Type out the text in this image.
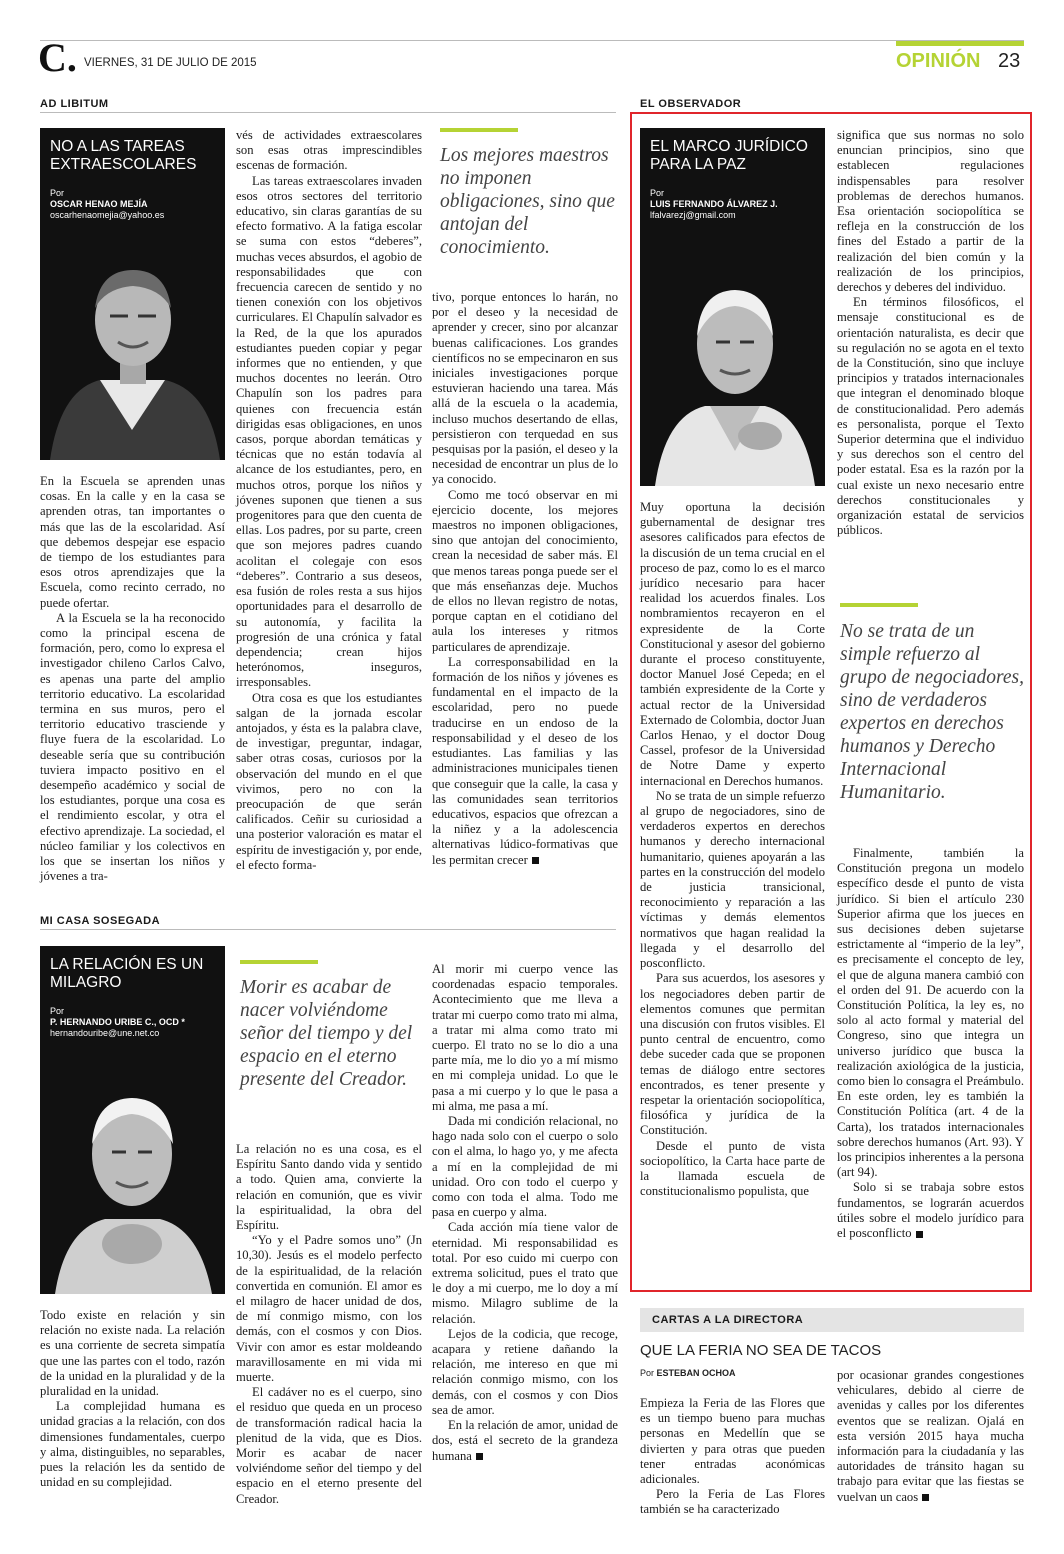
C. VIERNES, 31 DE JULIO DE 2015	OPINIÓN 23
AD LIBITUM
NO A LAS TAREAS EXTRAESCOLARES
Por
OSCAR HENAO MEJÍA
oscarhenaomejia@yahoo.es

En la Escuela se aprenden unas cosas. En la calle y en la casa se aprenden otras, tan importantes o más que las de la escolaridad. Así que debemos despejar ese espacio de tiempo de los estudiantes para esos otros aprendizajes que la Escuela, como recinto cerrado, no puede ofertar.

A la Escuela se la ha reconocido como la principal escena de formación, pero, como lo expresa el investigador chileno Carlos Calvo, es apenas una parte del amplio territorio educativo. La escolaridad termina en sus muros, pero el territorio educativo trasciende y fluye fuera de la escolaridad. Lo deseable sería que su contribución tuviera impacto positivo en el desempeño académico y social de los estudiantes, porque una cosa es el rendimiento escolar, y otra el efectivo aprendizaje. La sociedad, el núcleo familiar y los colectivos en los que se insertan los niños y jóvenes a tra-

vés de actividades extraescolares son esas otras imprescindibles escenas de formación.

Las tareas extraescolares invaden esos otros sectores del territorio educativo, sin claras garantías de su efecto formativo. A la fatiga escolar se suma con estos “deberes”, muchas veces absurdos, el agobio de responsabilidades que con frecuencia carecen de sentido y no tienen conexión con los objetivos curriculares. El Chapulín salvador es la Red, de la que los apurados estudiantes pueden copiar y pegar informes que no entienden, y que muchos docentes no leerán. Otro Chapulín son los padres para quienes con frecuencia están dirigidas esas obligaciones, en unos casos, porque abordan temáticas y técnicas que no están todavía al alcance de los estudiantes, pero, en muchos otros, porque los niños y jóvenes suponen que tienen a sus progenitores para que den cuenta de ellas. Los padres, por su parte, creen que son mejores padres cuando acolitan el colegaje con esos “deberes”. Contrario a sus deseos, esa fusión de roles resta a sus hijos oportunidades para el desarrollo de su autonomía, y facilita la progresión de una crónica y fatal dependencia; crean hijos heterónomos, inseguros, irresponsables.

Otra cosa es que los estudiantes salgan de la jornada escolar antojados, y ésta es la palabra clave, de investigar, preguntar, indagar, saber otras cosas, curiosos por la observación del mundo en el que vivimos, pero no con la preocupación de que serán calificados. Ceñir su curiosidad a una posterior valoración es matar el espíritu de investigación y, por ende, el efecto forma-

Los mejores maestros no imponen obligaciones, sino que antojan del conocimiento.

tivo, porque entonces lo harán, no por el deseo y la necesidad de aprender y crecer, sino por alcanzar buenas calificaciones. Los grandes científicos no se empecinaron en sus iniciales investigaciones porque estuvieran haciendo una tarea. Más allá de la escuela o la academia, incluso muchos desertando de ellas, persistieron con terquedad en sus pesquisas por la pasión, el deseo y la necesidad de encontrar un plus de lo ya conocido.

Como me tocó observar en mi ejercicio docente, los mejores maestros no imponen obligaciones, sino que antojan del conocimiento, crean la necesidad de saber más. El que menos tareas ponga puede ser el que más enseñanzas deje. Muchos de ellos no llevan registro de notas, porque captan en el cotidiano del aula los intereses y ritmos particulares de aprendizaje.

La corresponsabilidad en la formación de los niños y jóvenes es fundamental en el impacto de la escolaridad, pero no puede traducirse en un endoso de la responsabilidad y el deseo de los estudiantes. Las familias y las administraciones municipales tienen que conseguir que la calle, la casa y las comunidades sean territorios educativos, espacios que ofrezcan a la niñez y a la adolescencia alternativas lúdico-formativas que les permitan crecer

MI CASA SOSEGADA
LA RELACIÓN ES UN MILAGRO
Por
P. HERNANDO URIBE C., OCD *
hernandouribe@une.net.co

Todo existe en relación y sin relación no existe nada. La relación es una corriente de secreta simpatía que une las partes con el todo, razón de la unidad en la pluralidad y de la pluralidad en la unidad.

La complejidad humana es unidad gracias a la relación, con dos dimensiones fundamentales, cuerpo y alma, distinguibles, no separables, pues la relación les da sentido de unidad en su complejidad.

Morir es acabar de nacer volviéndome señor del tiempo y del espacio en el eterno presente del Creador.

La relación no es una cosa, es el Espíritu Santo dando vida y sentido a todo. Quien ama, convierte la relación en comunión, que es vivir la espiritualidad, la obra del Espíritu.

“Yo y el Padre somos uno” (Jn 10,30). Jesús es el modelo perfecto de la espiritualidad, de la relación convertida en comunión. El amor es el milagro de hacer unidad de dos, de mí conmigo mismo, con los demás, con el cosmos y con Dios. Vivir con amor es estar moldeando maravillosamente en mi vida mi muerte.

El cadáver no es el cuerpo, sino el residuo que queda en un proceso de transformación radical hacia la plenitud de la vida, que es Dios. Morir es acabar de nacer volviéndome señor del tiempo y del espacio en el eterno presente del Creador.

Al morir mi cuerpo vence las coordenadas espacio temporales. Acontecimiento que me lleva a tratar mi cuerpo como trato mi alma, a tratar mi alma como trato mi cuerpo. El trato no se lo dio a una parte mía, me lo dio yo a mí mismo en mi compleja unidad. Lo que le pasa a mi cuerpo y lo que le pasa a mi alma, me pasa a mí.

Dada mi condición relacional, no hago nada solo con el cuerpo o solo con el alma, lo hago yo, y me afecta a mí en la complejidad de mi unidad. Oro con todo el cuerpo y como con toda el alma. Todo me pasa en cuerpo y alma.

Cada acción mía tiene valor de eternidad. Mi responsabilidad es total. Por eso cuido mi cuerpo con extrema solicitud, pues el trato que le doy a mi cuerpo, me lo doy a mí mismo. Milagro sublime de la relación.

Lejos de la codicia, que recoge, acapara y retiene dañando la relación, me intereso en que mi relación conmigo mismo, con los demás, con el cosmos y con Dios sea de amor.

En la relación de amor, unidad de dos, está el secreto de la grandeza humana

EL OBSERVADOR
EL MARCO JURÍDICO PARA LA PAZ
Por
LUIS FERNANDO ÁLVAREZ J.
lfalvarezj@gmail.com

Muy oportuna la decisión gubernamental de designar tres asesores calificados para efectos de la discusión de un tema crucial en el proceso de paz, como lo es el marco jurídico necesario para hacer realidad los acuerdos finales. Los nombramientos recayeron en el expresidente de la Corte Constitucional y asesor del gobierno durante el proceso constituyente, doctor Manuel José Cepeda; en el también expresidente de la Corte y actual rector de la Universidad Externado de Colombia, doctor Juan Carlos Henao, y el doctor Doug Cassel, profesor de la Universidad de Notre Dame y experto internacional en Derechos humanos.

No se trata de un simple refuerzo al grupo de negociadores, sino de verdaderos expertos en derechos humanos y derecho internacional humanitario, quienes apoyarán a las partes en la construcción del modelo de justicia transicional, reconocimiento y reparación a las víctimas y demás elementos normativos que hagan realidad la llegada y el desarrollo del posconflicto.

Para sus acuerdos, los asesores y los negociadores deben partir de elementos comunes que permitan una discusión con frutos visibles. El punto central de encuentro, como debe suceder cada que se proponen temas de diálogo entre sectores encontrados, es tener presente y respetar la orientación sociopolítica, filosófica y jurídica de la Constitución.

Desde el punto de vista sociopolítico, la Carta hace parte de la llamada escuela de constitucionalismo populista, que

significa que sus normas no solo enuncian principios, sino que establecen regulaciones indispensables para resolver problemas de derechos humanos. Esa orientación sociopolítica se refleja en la construcción de los fines del Estado a partir de la realización del bien común y la realización de los principios, derechos y deberes del individuo.

En términos filosóficos, el mensaje constitucional es de orientación naturalista, es decir que su regulación no se agota en el texto de la Constitución, sino que incluye principios y tratados internacionales que integran el denominado bloque de constitucionalidad. Pero además es personalista, porque el Texto Superior determina que el individuo y sus derechos son el centro del poder estatal. Esa es la razón por la cual existe un nexo necesario entre derechos constitucionales y organización estatal de servicios públicos.

No se trata de un simple refuerzo al grupo de negociadores, sino de verdaderos expertos en derechos humanos y Derecho Internacional Humanitario.

Finalmente, también la Constitución pregona un modelo específico desde el punto de vista jurídico. Si bien el artículo 230 Superior afirma que los jueces en sus decisiones deben sujetarse estrictamente al “imperio de la ley”, es precisamente el concepto de ley, el que de alguna manera cambió con el orden del 91. De acuerdo con la Constitución Política, la ley es, no solo al acto formal y material del Congreso, sino que integra un universo jurídico que busca la realización axiológica de la justicia, como bien lo consagra el Preámbulo. En este orden, ley es también la Constitución Política (art. 4 de la Carta), los tratados internacionales sobre derechos humanos (Art. 93). Y los principios inherentes a la persona (art 94).

Solo si se trabaja sobre estos fundamentos, se lograrán acuerdos útiles sobre el modelo jurídico para el posconflicto

CARTAS A LA DIRECTORA
QUE LA FERIA NO SEA DE TACOS
Por ESTEBAN OCHOA

Empieza la Feria de las Flores que es un tiempo bueno para muchas personas en Medellín que se divierten y para otras que pueden tener entradas aconómicas adicionales.

Pero la Feria de Las Flores también se ha caracterizado

por ocasionar grandes congestiones vehiculares, debido al cierre de avenidas y calles por los diferentes eventos que se realizan. Ojalá en esta versión 2015 haya mucha información para la ciudadanía y las autoridades de tránsito hagan su trabajo para evitar que las fiestas se vuelvan un caos
